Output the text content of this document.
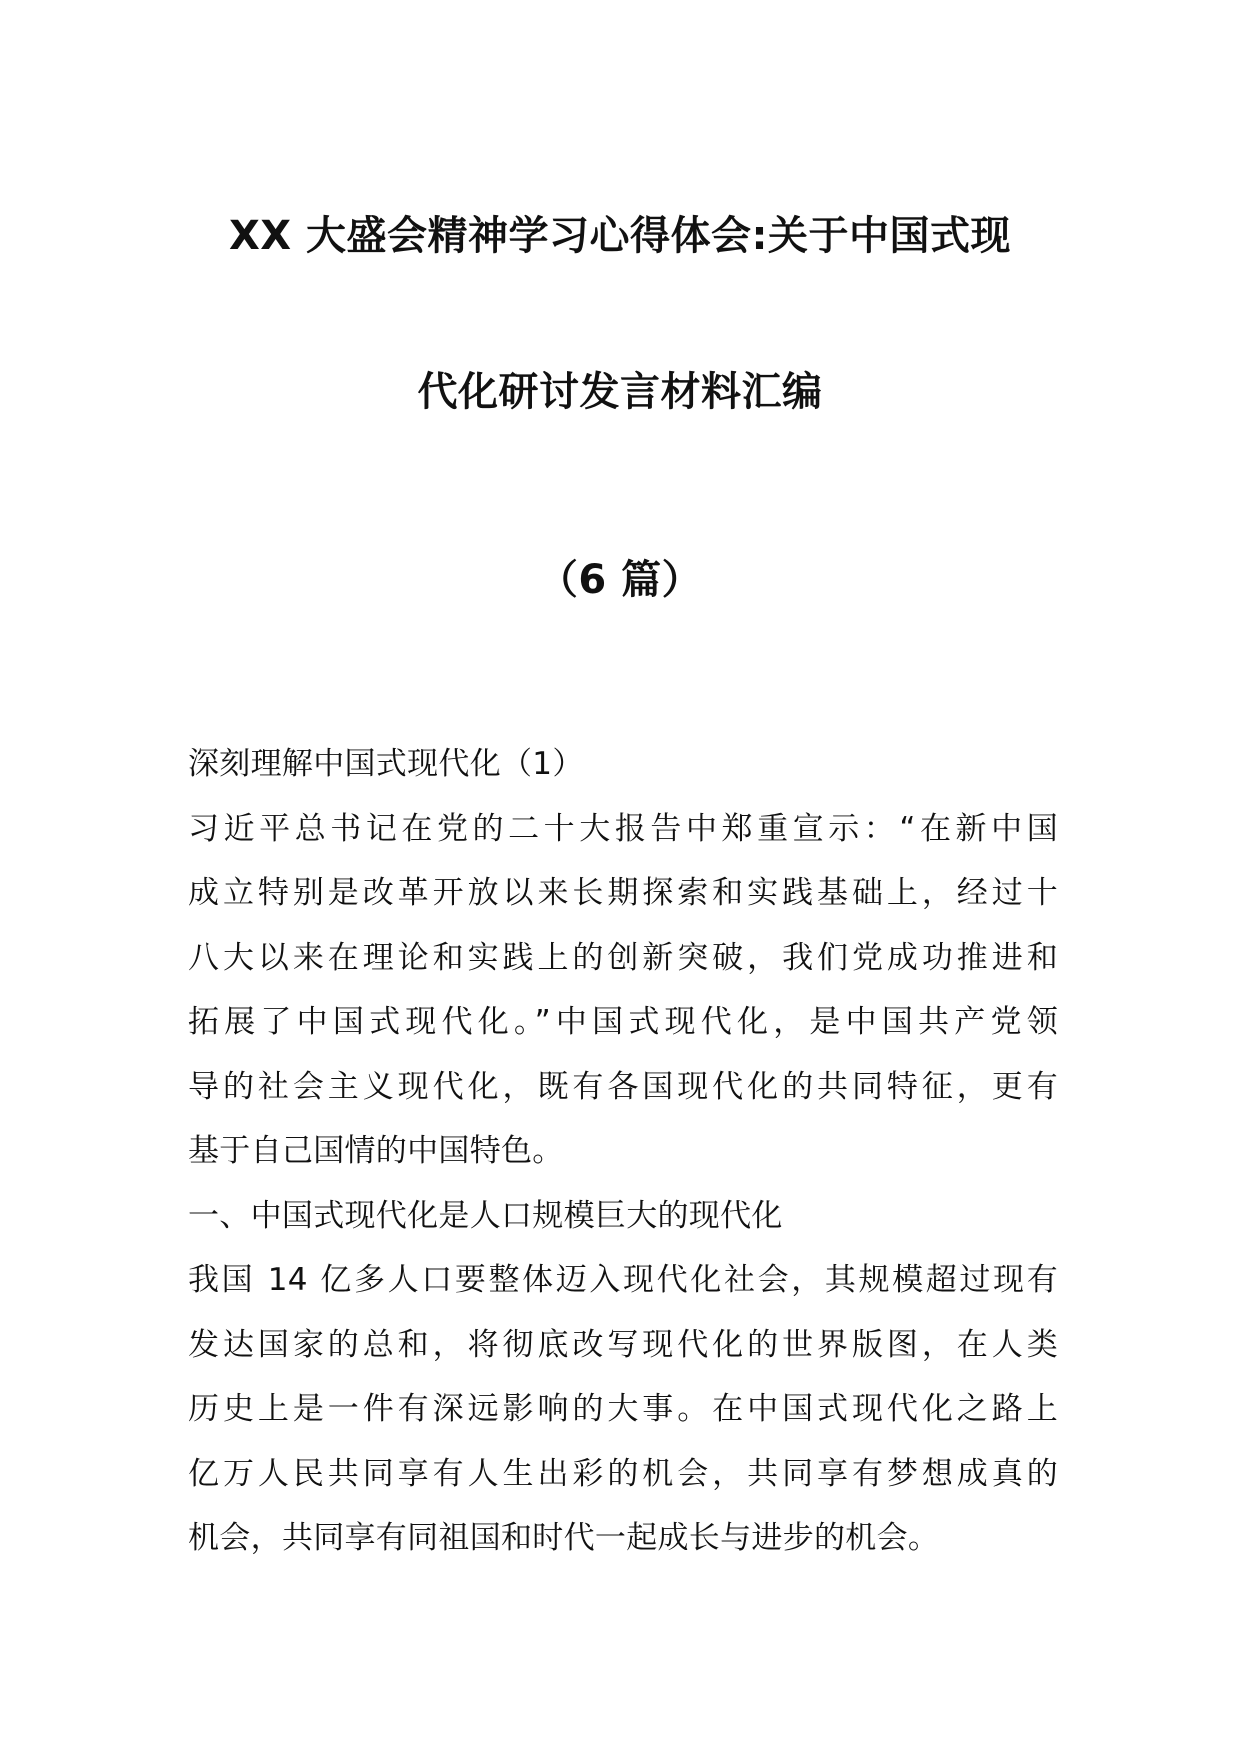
XX 大盛会精神学习心得体会:关于中国式现
代化研讨发言材料汇编
（6 篇）
深刻理解中国式现代化（1）
习近平总书记在党的二十大报告中郑重宣示：“在新中国
成立特别是改革开放以来长期探索和实践基础上，经过十
八大以来在理论和实践上的创新突破，我们党成功推进和
拓展了中国式现代化。”中国式现代化，是中国共产党领
导的社会主义现代化，既有各国现代化的共同特征，更有
基于自己国情的中国特色。
一、中国式现代化是人口规模巨大的现代化
我国 14 亿多人口要整体迈入现代化社会，其规模超过现有
发达国家的总和，将彻底改写现代化的世界版图，在人类
历史上是一件有深远影响的大事。在中国式现代化之路上
亿万人民共同享有人生出彩的机会，共同享有梦想成真的
机会，共同享有同祖国和时代一起成长与进步的机会。
